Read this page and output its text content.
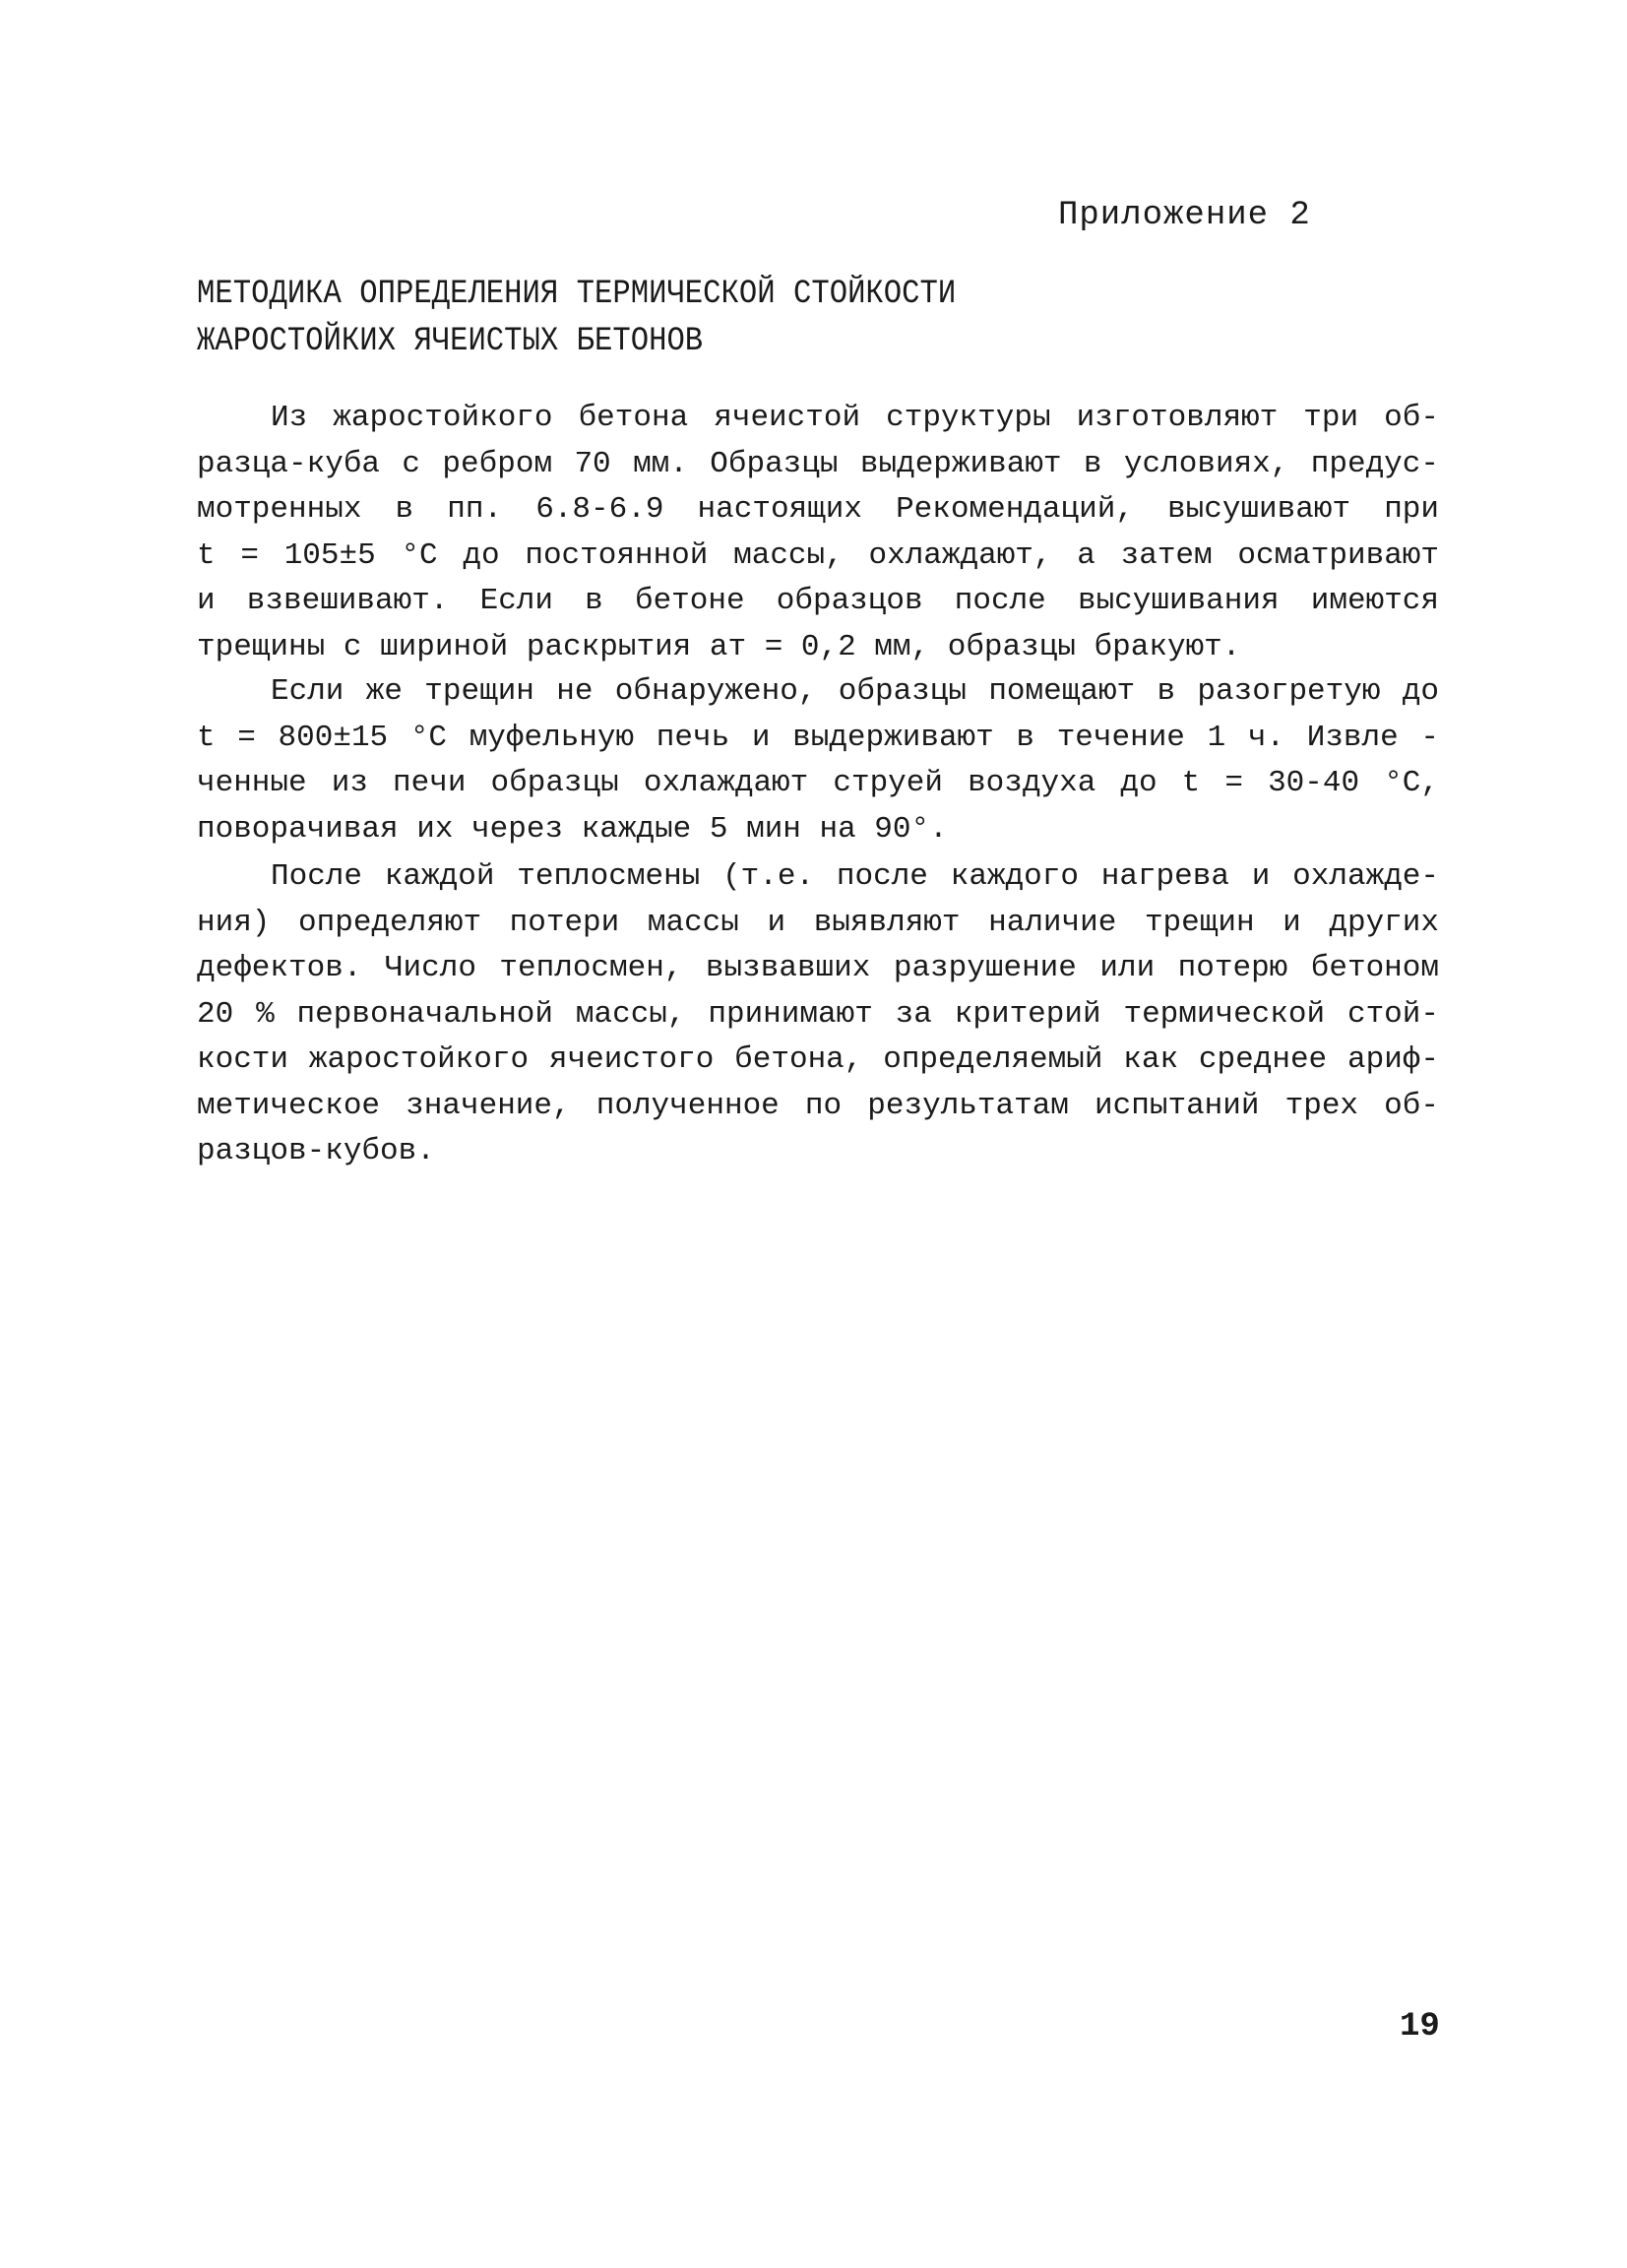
Приложение 2
МЕТОДИКА ОПРЕДЕЛЕНИЯ ТЕРМИЧЕСКОЙ СТОЙКОСТИ
ЖАРОСТОЙКИХ ЯЧЕИСТЫХ БЕТОНОВ
Из жаростойкого бетона ячеистой структуры изготовляют три об-
разца-куба с ребром 70 мм. Образцы выдерживают в условиях, предус-
мотренных в пп. 6.8-6.9 настоящих Рекомендаций, высушивают при
t = 105±5 °С до постоянной массы, охлаждают, а затем осматривают
и взвешивают. Если в бетоне образцов после высушивания имеются
трещины с шириной раскрытия aт = 0,2 мм, образцы бракуют.
Если же трещин не обнаружено, образцы помещают в разогретую до
t = 800±15 °С муфельную печь и выдерживают в течение 1 ч. Извле -
ченные из печи образцы охлаждают струей воздуха до t = 30-40 °С,
поворачивая их через каждые 5 мин на 90°.
После каждой теплосмены (т.е. после каждого нагрева и охлажде-
ния) определяют потери массы и выявляют наличие трещин и других
дефектов. Число теплосмен, вызвавших разрушение или потерю бетоном
20 % первоначальной массы, принимают за критерий термической стой-
кости жаростойкого ячеистого бетона, определяемый как среднее ариф-
метическое значение, полученное по результатам испытаний трех об-
разцов-кубов.
19
